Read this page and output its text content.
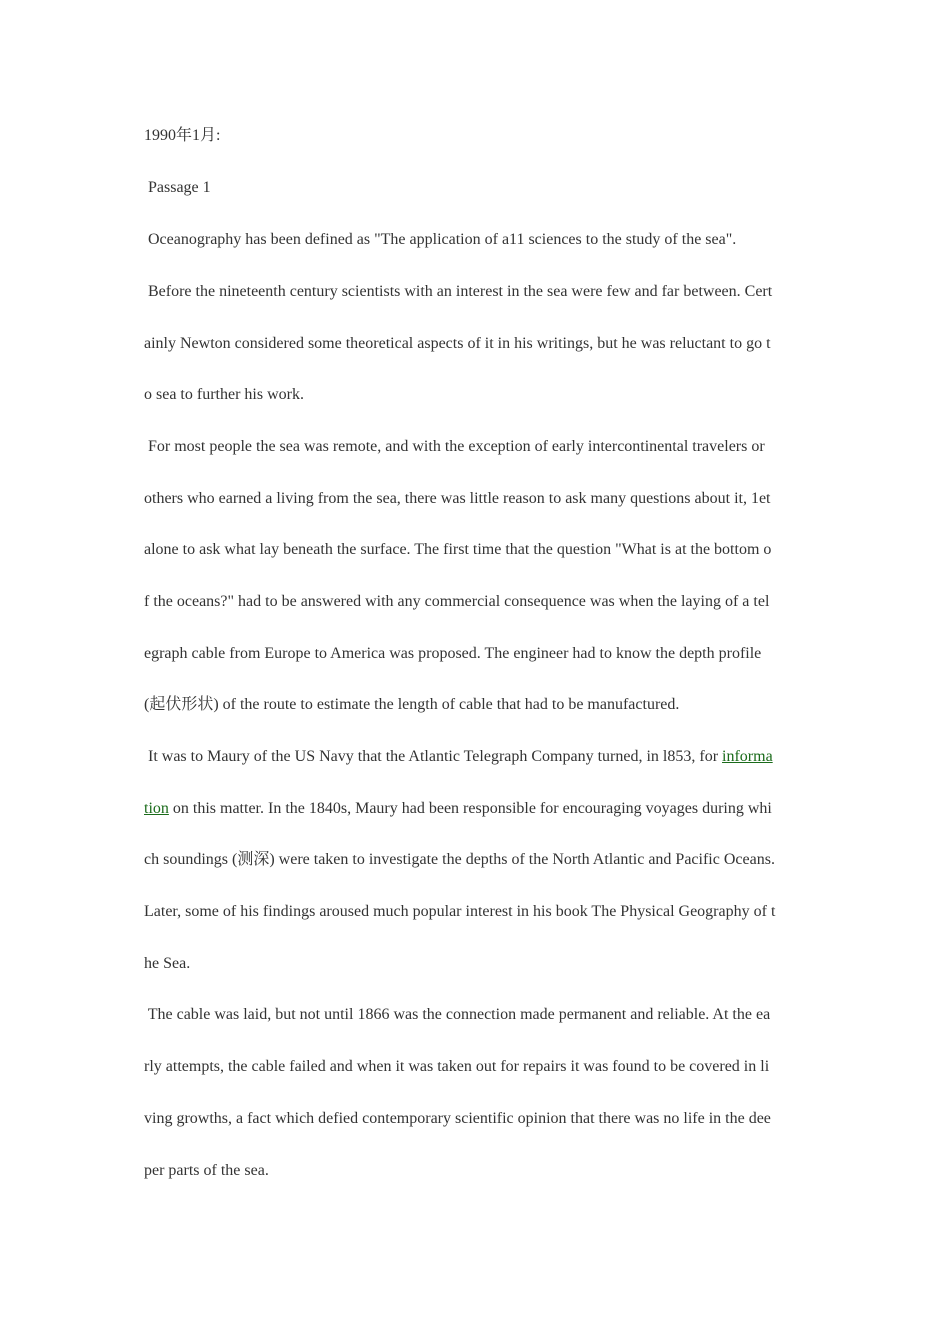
1990年1月:
Passage 1
Oceanography has been defined as "The application of a11 sciences to the study of the sea".
Before the nineteenth century scientists with an interest in the sea were few and far between. Cert
ainly Newton considered some theoretical aspects of it in his writings, but he was reluctant to go t
o sea to further his work.
For most people the sea was remote, and with the exception of early intercontinental travelers or
others who earned a living from the sea, there was little reason to ask many questions about it, 1et
alone to ask what lay beneath the surface. The first time that the question "What is at the bottom o
f the oceans?" had to be answered with any commercial consequence was when the laying of a tel
egraph cable from Europe to America was proposed. The engineer had to know the depth profile
(起伏形状) of the route to estimate the length of cable that had to be manufactured.
It was to Maury of the US Navy that the Atlantic Telegraph Company turned, in l853, for informa
tion on this matter. In the 1840s, Maury had been responsible for encouraging voyages during whi
ch soundings (测深) were taken to investigate the depths of the North Atlantic and Pacific Oceans.
Later, some of his findings aroused much popular interest in his book The Physical Geography of t
he Sea.
The cable was laid, but not until 1866 was the connection made permanent and reliable. At the ea
rly attempts, the cable failed and when it was taken out for repairs it was found to be covered in li
ving growths, a fact which defied contemporary scientific opinion that there was no life in the dee
per parts of the sea.
